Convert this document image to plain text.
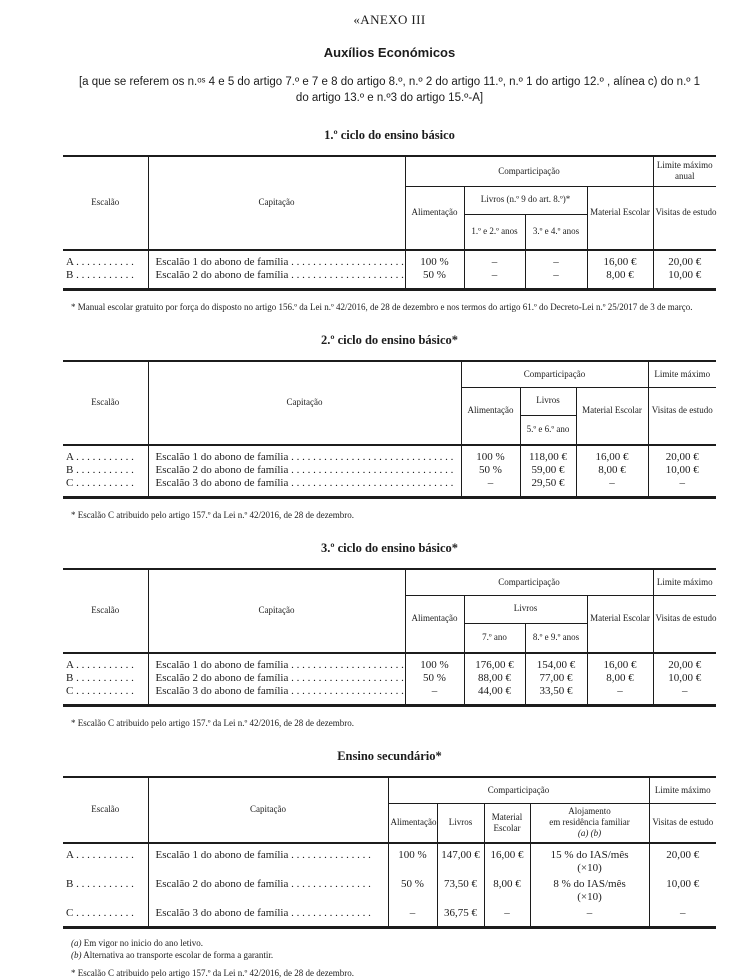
«ANEXO III
Auxílios Económicos
[a que se referem os n.ᵒˢ 4 e 5 do artigo 7.º e 7 e 8 do artigo 8.º, n.º 2 do artigo 11.º, n.º 1 do artigo 12.º , alínea c) do n.º 1
do artigo 13.º e n.º3 do artigo 15.º-A]
1.º ciclo do ensino básico
Escalão	Capitação	Comparticipação				Limite máximo
anual

		Alimentação	Livros (n.º 9 do art. 8.º)*		Material Escolar	Visitas de estudo
			1.º e 2.º anos	3.º e 4.º anos		
A . . . . . . . . . . .	Escalão 1 do abono de família . . . . . . . . . . . . . . . . . . . . .	100 %	–	–	16,00 €	20,00 €
B . . . . . . . . . . .	Escalão 2 do abono de família . . . . . . . . . . . . . . . . . . . . .	50 %	–	–	8,00 €	10,00 €
* Manual escolar gratuito por força do disposto no artigo 156.º da Lei n.º 42/2016, de 28 de dezembro e nos termos do artigo 61.º do Decreto-Lei n.º 25/2017 de 3 de março.
2.º ciclo do ensino básico*
Escalão	Capitação	Comparticipação			Limite máximo
		Alimentação	Livros	Material Escolar	Visitas de estudo
			5.º e 6.º ano		
A . . . . . . . . . . .	Escalão 1 do abono de família . . . . . . . . . . . . . . . . . . . . . . . . . . . . . .	100 %	118,00 €	16,00 €	20,00 €
B . . . . . . . . . . .	Escalão 2 do abono de família . . . . . . . . . . . . . . . . . . . . . . . . . . . . . .	50 %	59,00 €	8,00 €	10,00 €
C . . . . . . . . . . .	Escalão 3 do abono de família . . . . . . . . . . . . . . . . . . . . . . . . . . . . . .	–	29,50 €	–	–
* Escalão C atribuido pelo artigo 157.º da Lei n.º 42/2016, de 28 de dezembro.
3.º ciclo do ensino básico*
Escalão	Capitação	Comparticipação				Limite máximo
		Alimentação	Livros		Material Escolar	Visitas de estudo
			7.º ano	8.º e 9.º anos		
A . . . . . . . . . . .	Escalão 1 do abono de família . . . . . . . . . . . . . . . . . . . . .	100 %	176,00 €	154,00 €	16,00 €	20,00 €
B . . . . . . . . . . .	Escalão 2 do abono de família . . . . . . . . . . . . . . . . . . . . .	50 %	88,00 €	77,00 €	8,00 €	10,00 €
C . . . . . . . . . . .	Escalão 3 do abono de família . . . . . . . . . . . . . . . . . . . . .	–	44,00 €	33,50 €	–	–
* Escalão C atribuido pelo artigo 157.º da Lei n.º 42/2016, de 28 de dezembro.
Ensino secundário*
Escalão	Capitação	Comparticipação				Limite máximo
		Alimentação	Livros	Material Escolar	Alojamento
em residência familiar
(a) (b)	Visitas de estudo
A . . . . . . . . . . .	Escalão 1 do abono de família . . . . . . . . . . . . . . .	100 %	147,00 €	16,00 €	15 % do IAS/mês
(×10)	20,00 €
B . . . . . . . . . . .	Escalão 2 do abono de família . . . . . . . . . . . . . . .	50 %	73,50 €	8,00 €	8 % do IAS/mês
(×10)	10,00 €
C . . . . . . . . . . .	Escalão 3 do abono de família . . . . . . . . . . . . . . .	–	36,75 €	–	–	–
(a) Em vigor no inicio do ano letivo.
(b) Alternativa ao transporte escolar de forma a garantir.
* Escalão C atribuido pelo artigo 157.º da Lei n.º 42/2016, de 28 de dezembro.
